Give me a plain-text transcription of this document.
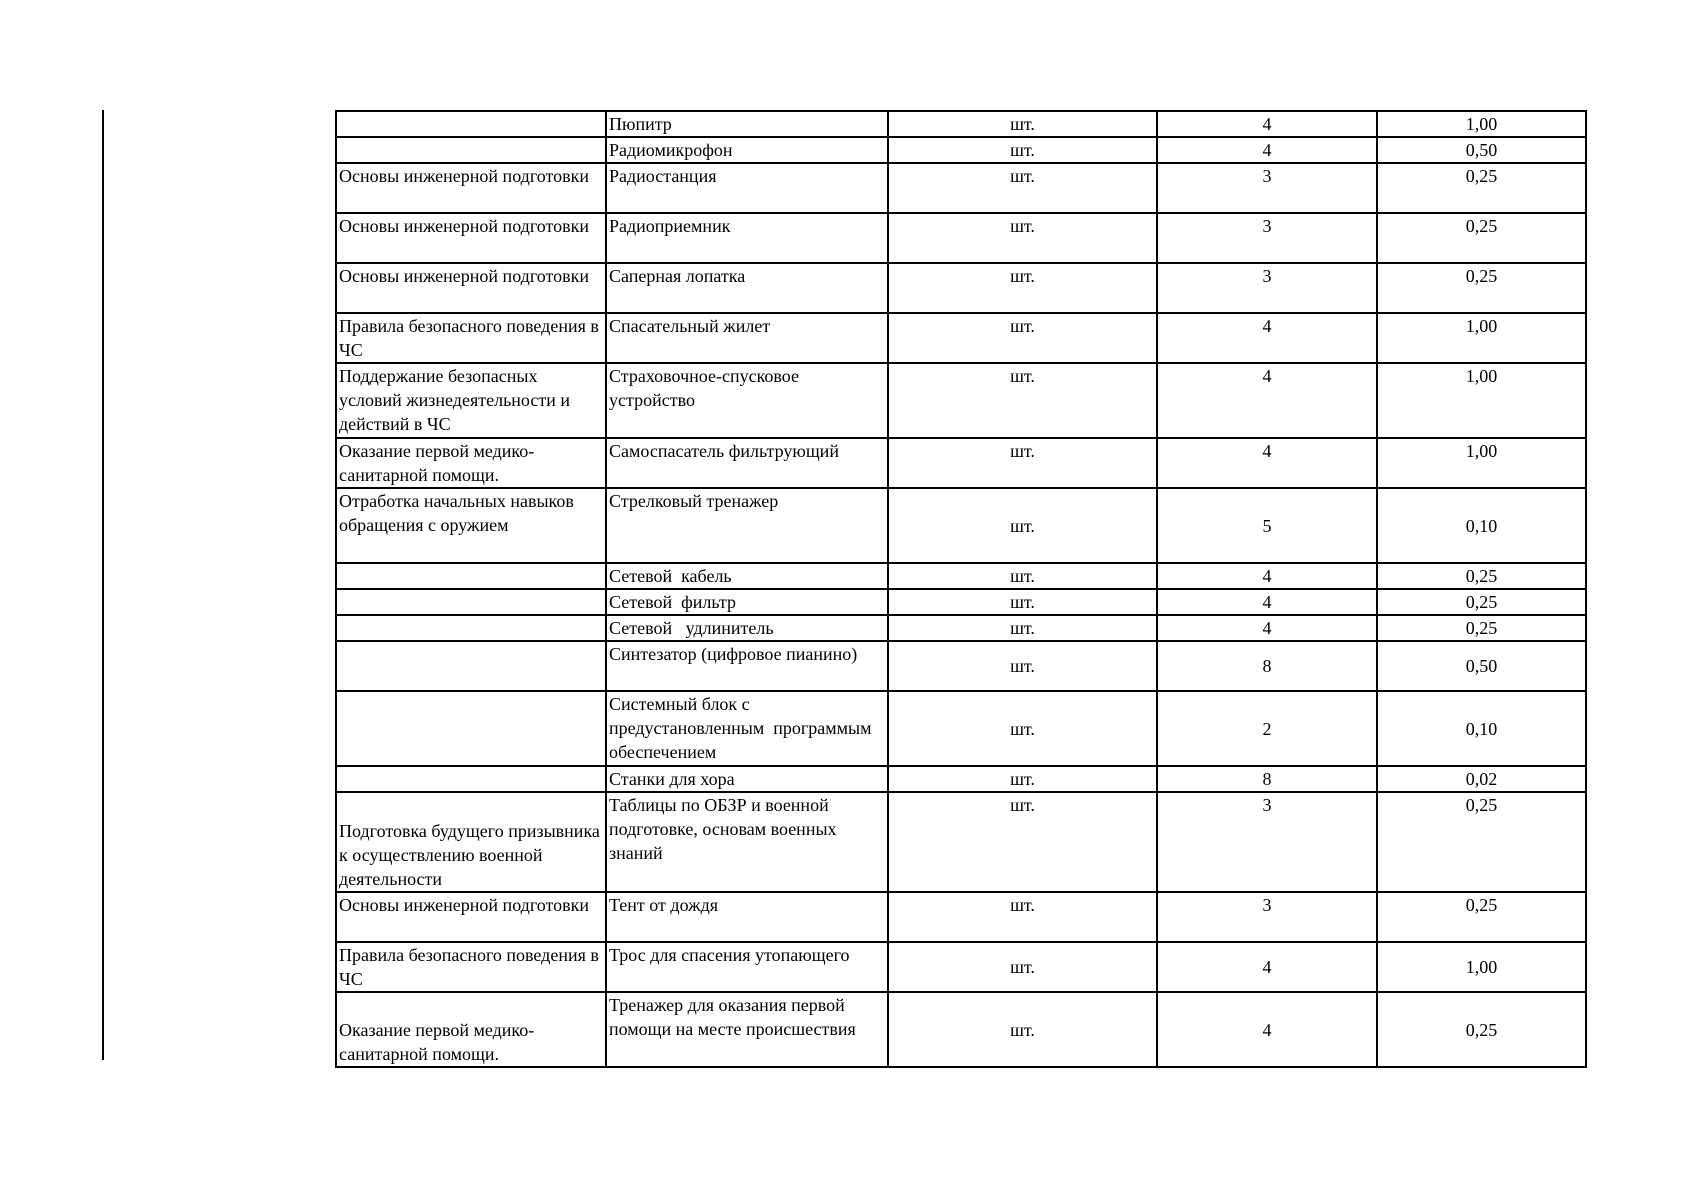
	Пюпитр	шт.	4	1,00
	Радиомикрофон	шт.	4	0,50
Основы инженерной подготовки	Радиостанция	шт.	3	0,25
Основы инженерной подготовки	Радиоприемник	шт.	3	0,25
Основы инженерной подготовки	Саперная лопатка	шт.	3	0,25
Правила безопасного поведения в ЧС	Спасательный жилет	шт.	4	1,00
Поддержание безопасных условий жизнедеятельности и действий в ЧС	Страховочное-спусковое устройство	шт.	4	1,00
Оказание первой медико-санитарной помощи.	Самоспасатель фильтрующий	шт.	4	1,00
Отработка начальных навыков обращения с оружием	Стрелковый тренажер	шт.	5	0,10
	Сетевой  кабель	шт.	4	0,25
	Сетевой  фильтр	шт.	4	0,25
	Сетевой   удлинитель	шт.	4	0,25
	Синтезатор (цифровое пианино)	шт.	8	0,50
	Системный блок с предустановленным  программым обеспечением	шт.	2	0,10
	Станки для хора	шт.	8	0,02
Подготовка будущего призывника к осуществлению военной деятельности	Таблицы по ОБЗР и военной подготовке, основам военных знаний	шт.	3	0,25
Основы инженерной подготовки	Тент от дождя	шт.	3	0,25
Правила безопасного поведения в ЧС	Трос для спасения утопающего	шт.	4	1,00
Оказание первой медико-санитарной помощи.	Тренажер для оказания первой помощи на месте происшествия	шт.	4	0,25
